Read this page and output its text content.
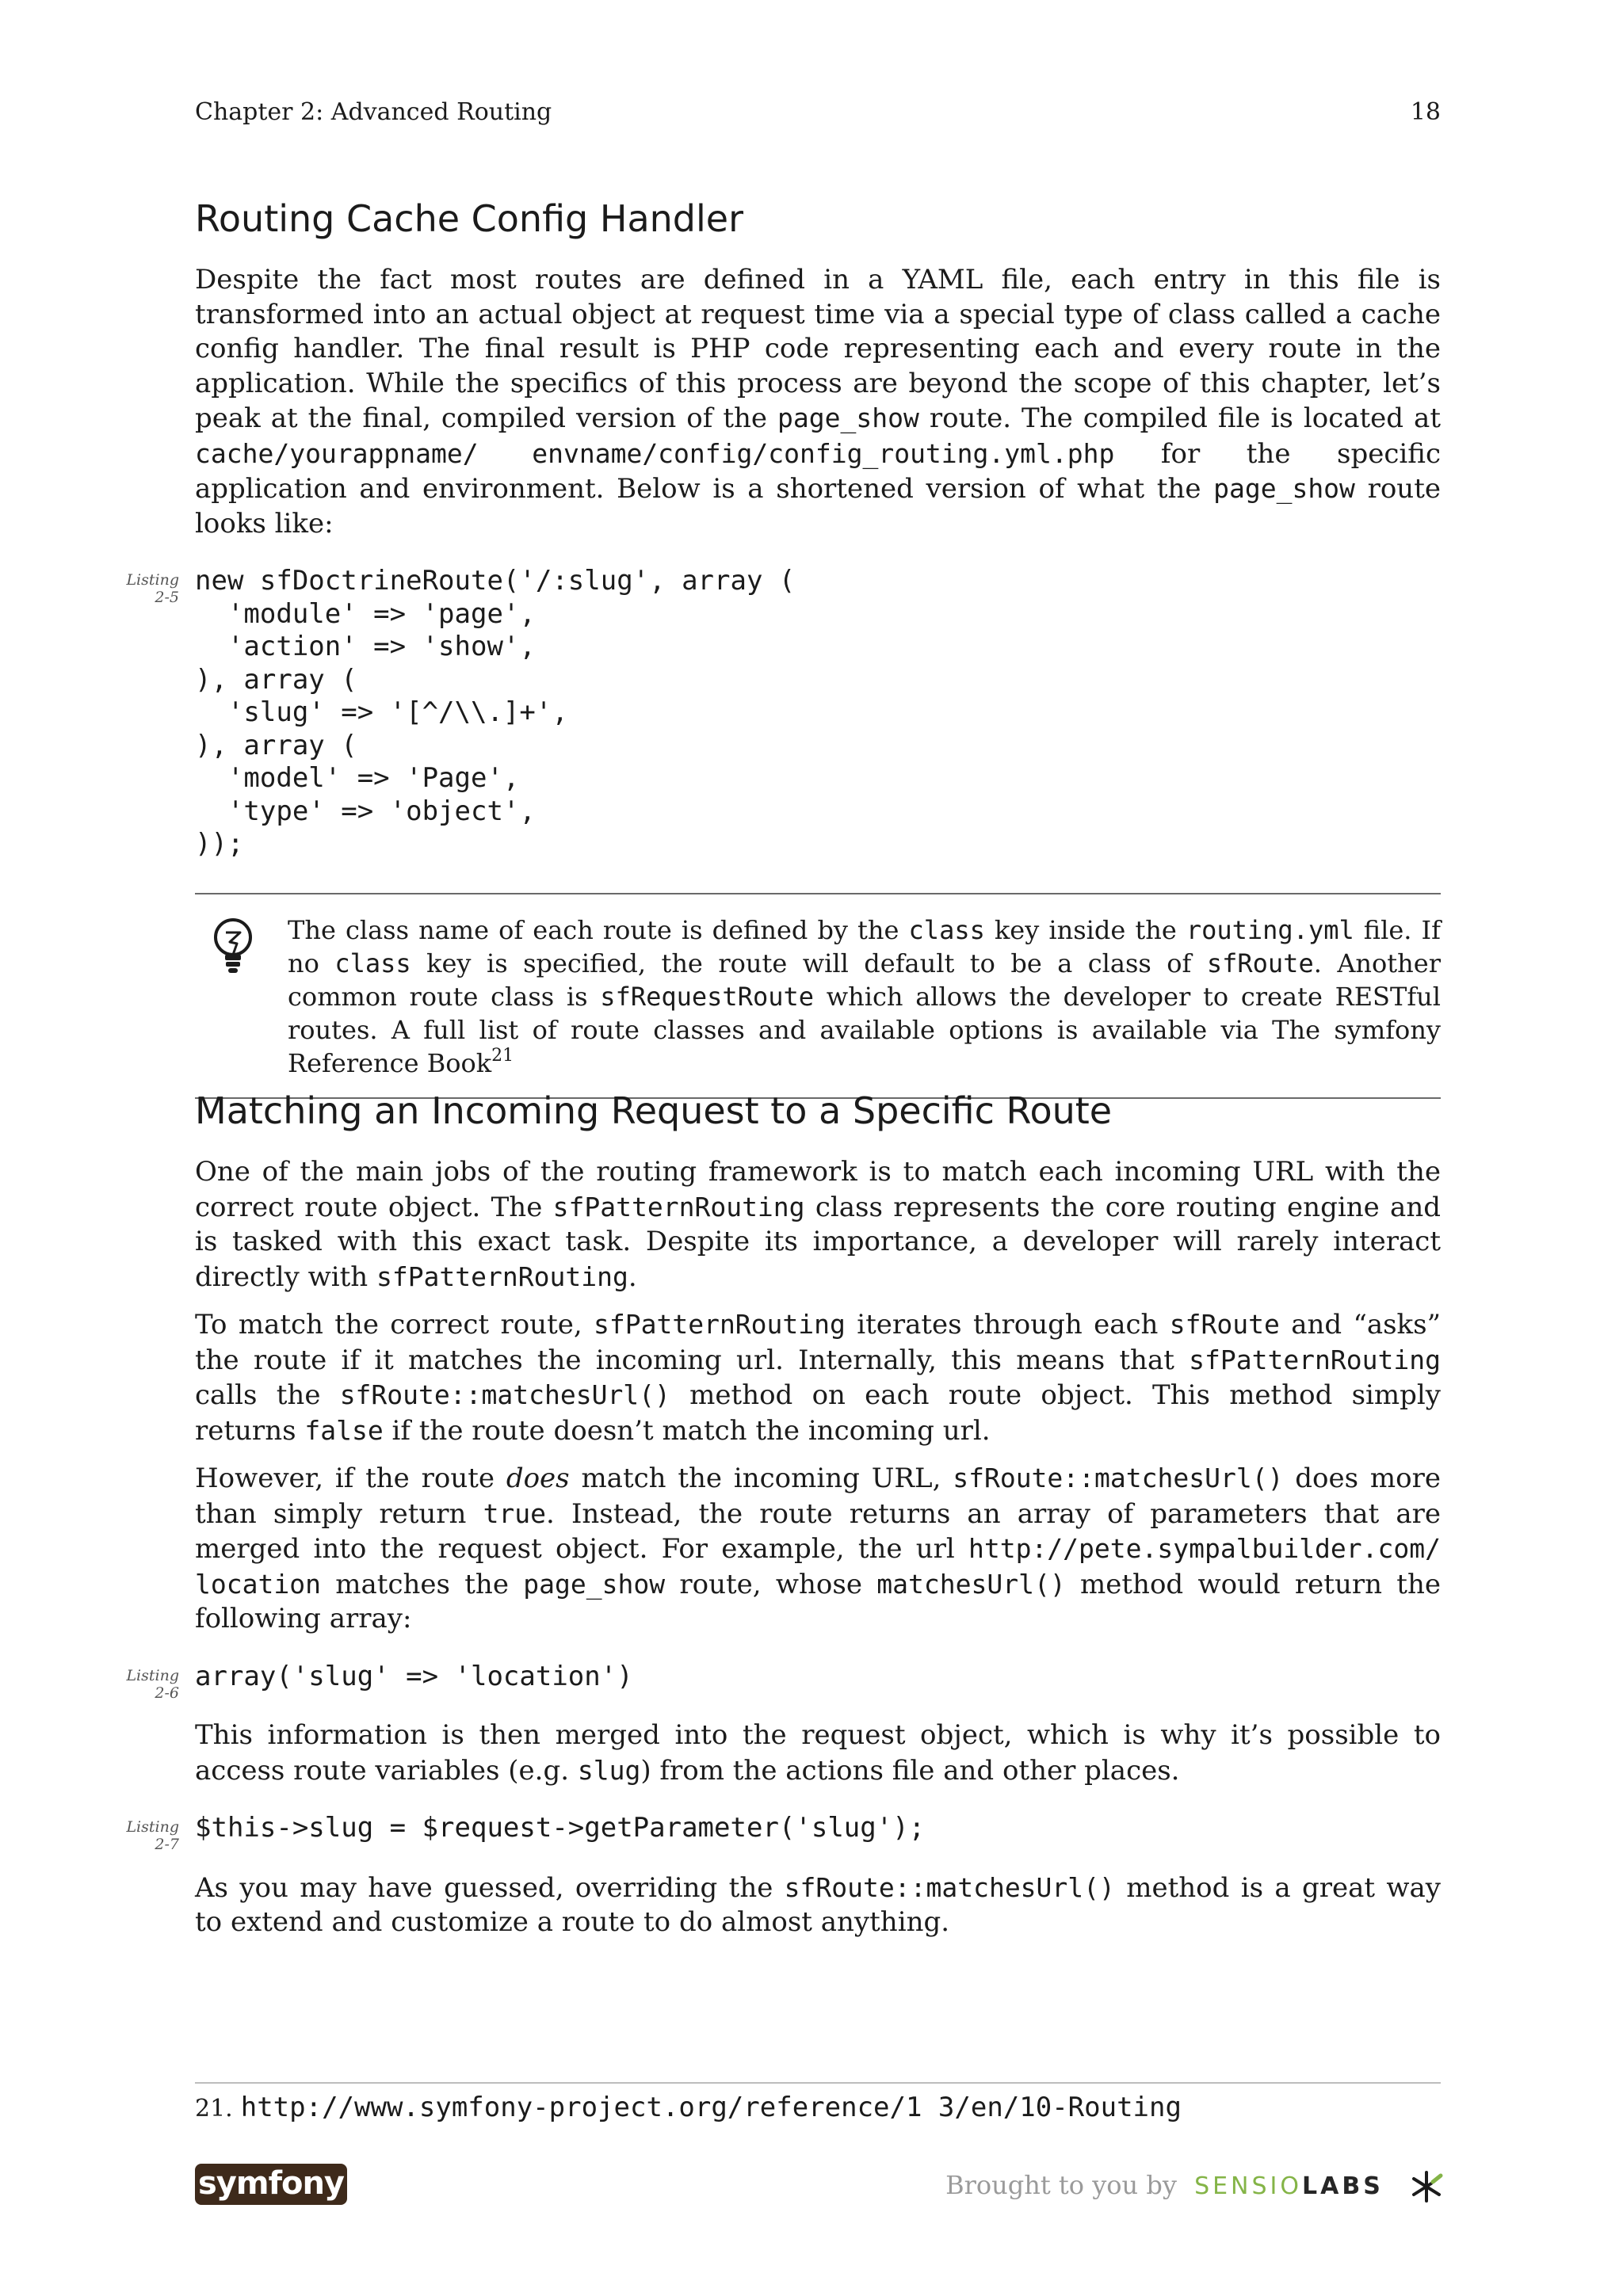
Chapter 2: Advanced Routing	18
Routing Cache Config Handler

Despite the fact most routes are defined in a YAML file, each entry in this file is transformed into an actual object at request time via a special type of class called a cache config handler. The final result is PHP code representing each and every route in the application. While the specifics of this process are beyond the scope of this chapter, let’s peak at the final, compiled version of the page_show route. The compiled file is located at cache/yourappname/ envname/config/config_routing.yml.php for the specific application and environment. Below is a shortened version of what the page_show route looks like:

Listing
2-5
new sfDoctrineRoute('/:slug', array (
'module' => 'page',
'action' => 'show',
), array (
'slug' => '[^/\\.]+',
), array (
'model' => 'Page',
'type' => 'object',
));

The class name of each route is defined by the class key inside the routing.yml file. If no class key is specified, the route will default to be a class of sfRoute. Another common route class is sfRequestRoute which allows the developer to create RESTful routes. A full list of route classes and available options is available via The symfony Reference Book$^{21}$

Matching an Incoming Request to a Specific Route

One of the main jobs of the routing framework is to match each incoming URL with the correct route object. The sfPatternRouting class represents the core routing engine and is tasked with this exact task. Despite its importance, a developer will rarely interact directly with sfPatternRouting.

To match the correct route, sfPatternRouting iterates through each sfRoute and “asks” the route if it matches the incoming url. Internally, this means that sfPatternRouting calls the sfRoute::matchesUrl() method on each route object. This method simply returns false if the route doesn’t match the incoming url.

However, if the route does match the incoming URL, sfRoute::matchesUrl() does more than simply return true. Instead, the route returns an array of parameters that are merged into the request object. For example, the url http://pete.sympalbuilder.com/ location matches the page_show route, whose matchesUrl() method would return the following array:

Listing
2-6
array('slug' => 'location')

This information is then merged into the request object, which is why it’s possible to access route variables (e.g. slug) from the actions file and other places.

Listing
2-7
$this->slug = $request->getParameter('slug');

As you may have guessed, overriding the sfRoute::matchesUrl() method is a great way to extend and customize a route to do almost anything.

21. http://www.symfony-project.org/reference/1 3/en/10-Routing
symfony	Brought to you by SENSIOLABS
